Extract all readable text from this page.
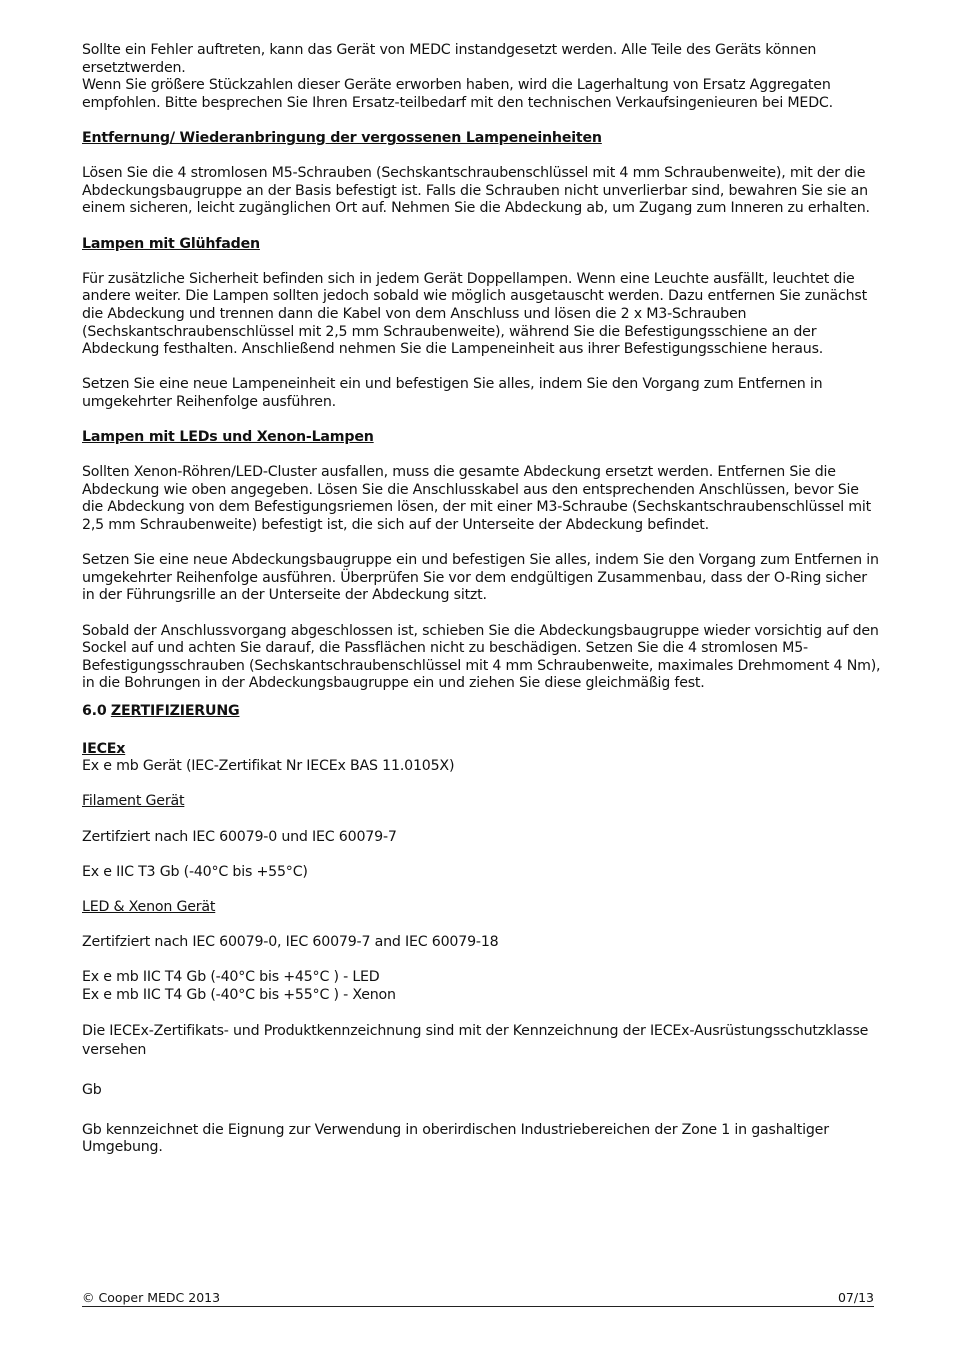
Sollte ein Fehler auftreten, kann das Gerät von MEDC instandgesetzt werden. Alle Teile des Geräts können ersetztwerden.
Wenn Sie größere Stückzahlen dieser Geräte erworben haben, wird die Lagerhaltung von Ersatz Aggregaten empfohlen. Bitte besprechen Sie Ihren Ersatz-teilbedarf mit den technischen Verkaufsingenieuren bei MEDC.

Entfernung/ Wiederanbringung der vergossenen Lampeneinheiten

Lösen Sie die 4 stromlosen M5-Schrauben (Sechskantschraubenschlüssel mit 4 mm Schraubenweite), mit der die Abdeckungsbaugruppe an der Basis befestigt ist. Falls die Schrauben nicht unverlierbar sind, bewahren Sie sie an einem sicheren, leicht zugänglichen Ort auf. Nehmen Sie die Abdeckung ab, um Zugang zum Inneren zu erhalten.

Lampen mit Glühfaden

Für zusätzliche Sicherheit befinden sich in jedem Gerät Doppellampen. Wenn eine Leuchte ausfällt, leuchtet die andere weiter. Die Lampen sollten jedoch sobald wie möglich ausgetauscht werden. Dazu entfernen Sie zunächst die Abdeckung und trennen dann die Kabel von dem Anschluss und lösen die 2 x M3-Schrauben (Sechskantschraubenschlüssel mit 2,5 mm Schraubenweite), während Sie die Befestigungsschiene an der Abdeckung festhalten. Anschließend nehmen Sie die Lampeneinheit aus ihrer Befestigungsschiene heraus.

Setzen Sie eine neue Lampeneinheit ein und befestigen Sie alles, indem Sie den Vorgang zum Entfernen in umgekehrter Reihenfolge ausführen.

Lampen mit LEDs und Xenon-Lampen

Sollten Xenon-Röhren/LED-Cluster ausfallen, muss die gesamte Abdeckung ersetzt werden. Entfernen Sie die Abdeckung wie oben angegeben. Lösen Sie die Anschlusskabel aus den entsprechenden Anschlüssen, bevor Sie die Abdeckung von dem Befestigungsriemen lösen, der mit einer M3-Schraube (Sechskantschraubenschlüssel mit 2,5 mm Schraubenweite) befestigt ist, die sich auf der Unterseite der Abdeckung befindet.

Setzen Sie eine neue Abdeckungsbaugruppe ein und befestigen Sie alles, indem Sie den Vorgang zum Entfernen in umgekehrter Reihenfolge ausführen. Überprüfen Sie vor dem endgültigen Zusammenbau, dass der O-Ring sicher in der Führungsrille an der Unterseite der Abdeckung sitzt.

Sobald der Anschlussvorgang abgeschlossen ist, schieben Sie die Abdeckungsbaugruppe wieder vorsichtig auf den Sockel auf und achten Sie darauf, die Passflächen nicht zu beschädigen. Setzen Sie die 4 stromlosen M5-Befestigungsschrauben (Sechskantschraubenschlüssel mit 4 mm Schraubenweite, maximales Drehmoment 4 Nm), in die Bohrungen in der Abdeckungsbaugruppe ein und ziehen Sie diese gleichmäßig fest.

6.0 ZERTIFIZIERUNG

IECEx
Ex e mb Gerät (IEC-Zertifikat Nr IECEx BAS 11.0105X)

Filament Gerät

Zertifziert nach IEC 60079-0 und IEC 60079-7

Ex e IIC T3 Gb (-40°C bis +55°C)

LED & Xenon Gerät

Zertifziert nach IEC 60079-0, IEC 60079-7 and IEC 60079-18

Ex e mb IIC T4 Gb (-40°C bis +45°C ) - LED
Ex e mb IIC T4 Gb (-40°C bis +55°C ) - Xenon

Die IECEx-Zertifikats- und Produktkennzeichnung sind mit der Kennzeichnung der IECEx-Ausrüstungsschutzklasse versehen

Gb

Gb kennzeichnet die Eignung zur Verwendung in oberirdischen Industriebereichen der Zone 1 in gashaltiger Umgebung.

© Cooper MEDC 2013	07/13
